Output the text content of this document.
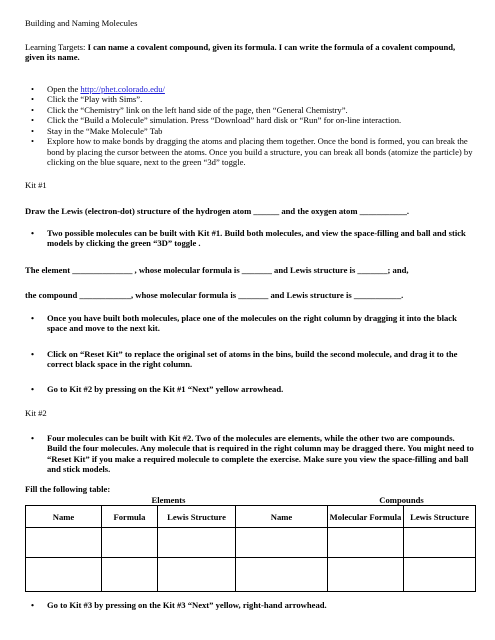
Building and Naming Molecules
Learning Targets: I can name a covalent compound, given its formula. I can write the formula of a covalent compound, given its name.
• Open the http://phet.colorado.edu/
• Click the “Play with Sims”.
• Click the “Chemistry” link on the left hand side of the page, then “General Chemistry”.
• Click the “Build a Molecule” simulation. Press “Download” hard disk or “Run” for on-line interaction.
• Stay in the “Make Molecule” Tab
• Explore how to make bonds by dragging the atoms and placing them together. Once the bond is formed, you can break the bond by placing the cursor between the atoms. Once you build a structure, you can break all bonds (atomize the particle) by clicking on the blue square, next to the green “3d” toggle.
Kit #1
Draw the Lewis (electron-dot) structure of the hydrogen atom ______ and the oxygen atom ___________.
• Two possible molecules can be built with Kit #1. Build both molecules, and view the space-filling and ball and stick models by clicking the green “3D” toggle .
The element ______________ , whose molecular formula is _______ and Lewis structure is _______; and,
the compound ____________, whose molecular formula is _______ and Lewis structure is ___________.
• Once you have built both molecules, place one of the molecules on the right column by dragging it into the black space and move to the next kit.
• Click on “Reset Kit” to replace the original set of atoms in the bins, build the second molecule, and drag it to the correct black space in the right column.
• Go to Kit #2 by pressing on the Kit #1 “Next” yellow arrowhead.
Kit #2
• Four molecules can be built with Kit #2. Two of the molecules are elements, while the other two are compounds. Build the four molecules. Any molecule that is required in the right column may be dragged there. You might need to “Reset Kit” if you make a required molecule to complete the exercise. Make sure you view the space-filling and ball and stick models.
Fill the following table:
	Elements			Compounds	
Name	Formula	Lewis Structure	Name	Molecular Formula	Lewis Structure

• Go to Kit #3 by pressing on the Kit #3 “Next” yellow, right-hand arrowhead.
